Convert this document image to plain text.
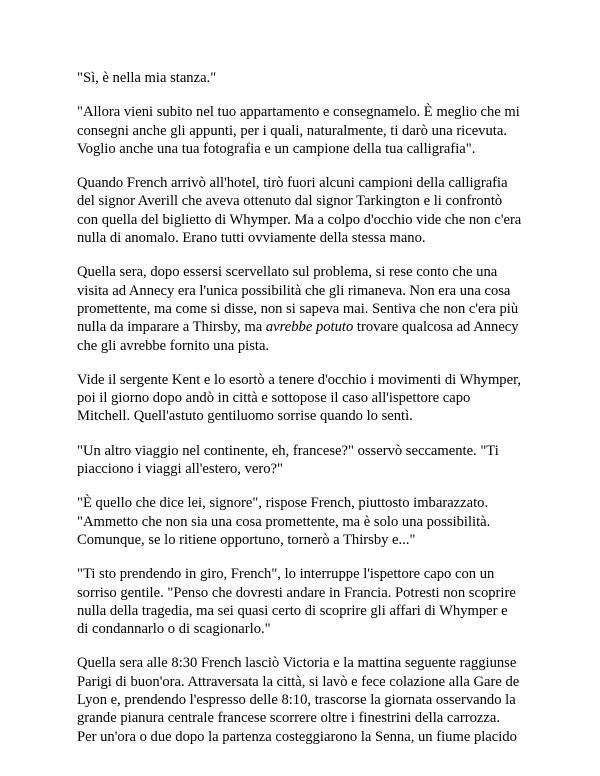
"Sì, è nella mia stanza."

"Allora vieni subito nel tuo appartamento e consegnamelo. È meglio che mi
consegni anche gli appunti, per i quali, naturalmente, ti darò una ricevuta.
Voglio anche una tua fotografia e un campione della tua calligrafia".

Quando French arrivò all'hotel, tirò fuori alcuni campioni della calligrafia
del signor Averill che aveva ottenuto dal signor Tarkington e li confrontò
con quella del biglietto di Whymper. Ma a colpo d'occhio vide che non c'era
nulla di anomalo. Erano tutti ovviamente della stessa mano.

Quella sera, dopo essersi scervellato sul problema, si rese conto che una
visita ad Annecy era l'unica possibilità che gli rimaneva. Non era una cosa
promettente, ma come si disse, non si sapeva mai. Sentiva che non c'era più
nulla da imparare a Thirsby, ma avrebbe potuto trovare qualcosa ad Annecy
che gli avrebbe fornito una pista.

Vide il sergente Kent e lo esortò a tenere d'occhio i movimenti di Whymper,
poi il giorno dopo andò in città e sottopose il caso all'ispettore capo
Mitchell. Quell'astuto gentiluomo sorrise quando lo sentì.

"Un altro viaggio nel continente, eh, francese?" osservò seccamente. "Ti
piacciono i viaggi all'estero, vero?"

"È quello che dice lei, signore", rispose French, piuttosto imbarazzato.
"Ammetto che non sia una cosa promettente, ma è solo una possibilità.
Comunque, se lo ritiene opportuno, tornerò a Thirsby e..."

"Ti sto prendendo in giro, French", lo interruppe l'ispettore capo con un
sorriso gentile. "Penso che dovresti andare in Francia. Potresti non scoprire
nulla della tragedia, ma sei quasi certo di scoprire gli affari di Whymper e
di condannarlo o di scagionarlo."

Quella sera alle 8:30 French lasciò Victoria e la mattina seguente raggiunse
Parigi di buon'ora. Attraversata la città, si lavò e fece colazione alla Gare de
Lyon e, prendendo l'espresso delle 8:10, trascorse la giornata osservando la
grande pianura centrale francese scorrere oltre i finestrini della carrozza.
Per un'ora o due dopo la partenza costeggiarono la Senna, un fiume placido
